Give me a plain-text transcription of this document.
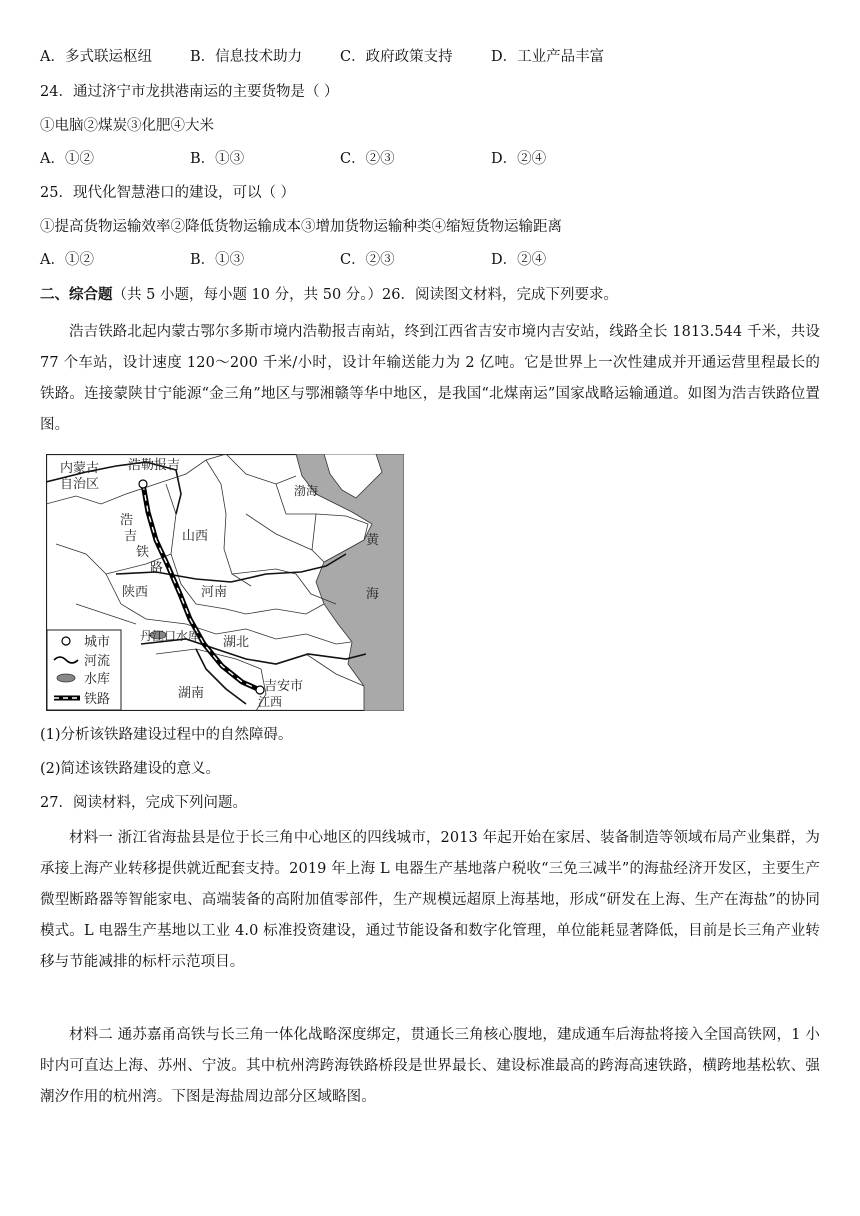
A．多式联运枢纽	B．信息技术助力	C．政府政策支持	D．工业产品丰富
24．通过济宁市龙拱港南运的主要货物是（ ）
①电脑②煤炭③化肥④大米
A．①②	B．①③	C．②③	D．②④
25．现代化智慧港口的建设，可以（ ）
①提高货物运输效率②降低货物运输成本③增加货物运输种类④缩短货物运输距离
A．①②	B．①③	C．②③	D．②④
二、综合题（共 5 小题，每小题 10 分，共 50 分。）26．阅读图文材料，完成下列要求。
浩吉铁路北起内蒙古鄂尔多斯市境内浩勒报吉南站，终到江西省吉安市境内吉安站，线路全长 1813.544 千米，共设 77 个车站，设计速度 120～200 千米/小时，设计年输送能力为 2 亿吨。它是世界上一次性建成并开通运营里程最长的铁路。连接蒙陕甘宁能源“金三角”地区与鄂湘赣等华中地区，是我国“北煤南运”国家战略运输通道。如图为浩吉铁路位置图。
内蒙古
自治区
浩勒报吉
山西
渤海
黄
海
浩
吉
铁
路
陕西	河南
丹江口水库 湖北
湖南	吉安市
江西
城市
河流
水库
铁路
(1)分析该铁路建设过程中的自然障碍。
(2)简述该铁路建设的意义。
27．阅读材料，完成下列问题。
材料一 浙江省海盐县是位于长三角中心地区的四线城市，2013 年起开始在家居、装备制造等领域布局产业集群，为承接上海产业转移提供就近配套支持。2019 年上海 L 电器生产基地落户税收“三免三减半”的海盐经济开发区，主要生产微型断路器等智能家电、高端装备的高附加值零部件，生产规模远超原上海基地，形成“研发在上海、生产在海盐”的协同模式。L 电器生产基地以工业 4.0 标准投资建设，通过节能设备和数字化管理，单位能耗显著降低，目前是长三角产业转移与节能减排的标杆示范项目。
材料二 通苏嘉甬高铁与长三角一体化战略深度绑定，贯通长三角核心腹地，建成通车后海盐将接入全国高铁网，1 小时内可直达上海、苏州、宁波。其中杭州湾跨海铁路桥段是世界最长、建设标准最高的跨海高速铁路，横跨地基松软、强潮汐作用的杭州湾。下图是海盐周边部分区域略图。
